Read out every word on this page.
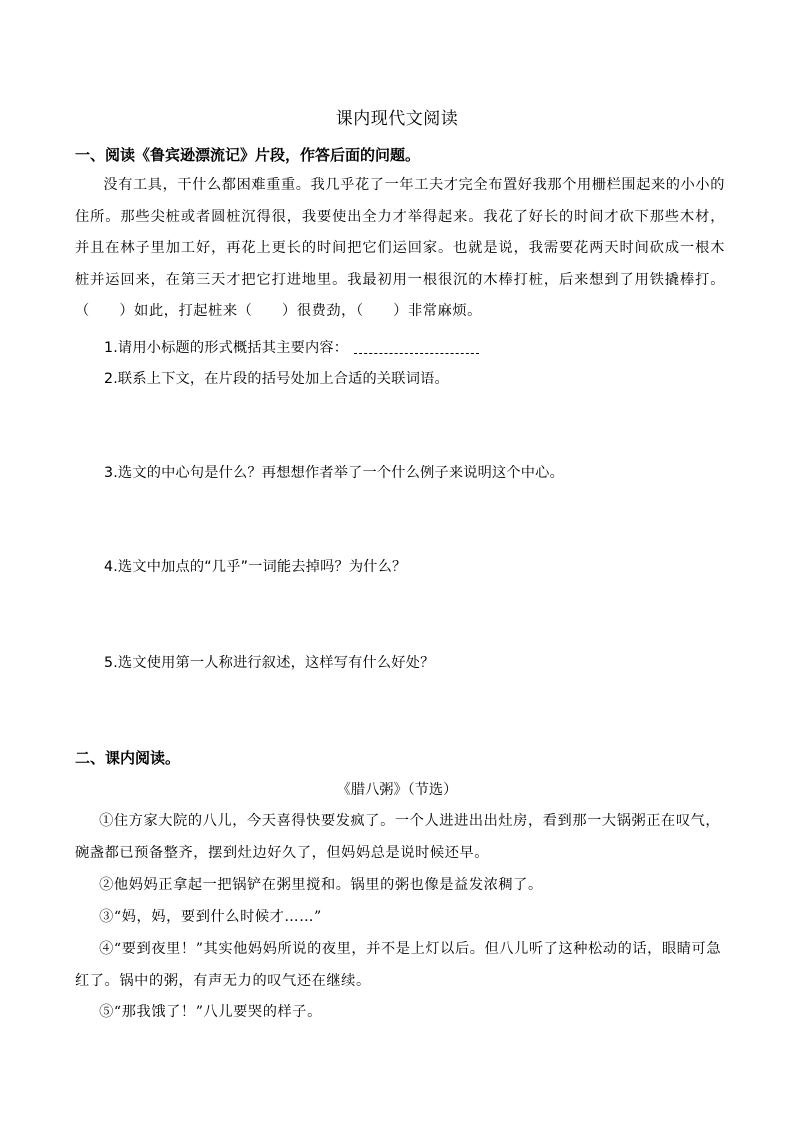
课内现代文阅读
一、阅读《鲁宾逊漂流记》片段，作答后面的问题。
没有工具，干什么都困难重重。我几乎花了一年工夫才完全布置好我那个用栅栏围起来的小小的住所。那些尖桩或者圆桩沉得很，我要使出全力才举得起来。我花了好长的时间才砍下那些木材，并且在林子里加工好，再花上更长的时间把它们运回家。也就是说，我需要花两天时间砍成一根木桩并运回来，在第三天才把它打进地里。我最初用一根很沉的木棒打桩，后来想到了用铁撬棒打。（　　）如此，打起桩来（　　）很费劲，（　　）非常麻烦。
1.请用小标题的形式概括其主要内容：
2.联系上下文，在片段的括号处加上合适的关联词语。
3.选文的中心句是什么？再想想作者举了一个什么例子来说明这个中心。
4.选文中加点的“几乎”一词能去掉吗？为什么？
5.选文使用第一人称进行叙述，这样写有什么好处？
二、课内阅读。
《腊八粥》（节选）
①住方家大院的八儿，今天喜得快要发疯了。一个人进进出出灶房，看到那一大锅粥正在叹气，碗盏都已预备整齐，摆到灶边好久了，但妈妈总是说时候还早。
②他妈妈正拿起一把锅铲在粥里搅和。锅里的粥也像是益发浓稠了。
③“妈，妈，要到什么时候才……”
④“要到夜里！”其实他妈妈所说的夜里，并不是上灯以后。但八儿听了这种松动的话，眼睛可急红了。锅中的粥，有声无力的叹气还在继续。
⑤“那我饿了！”八儿要哭的样子。
